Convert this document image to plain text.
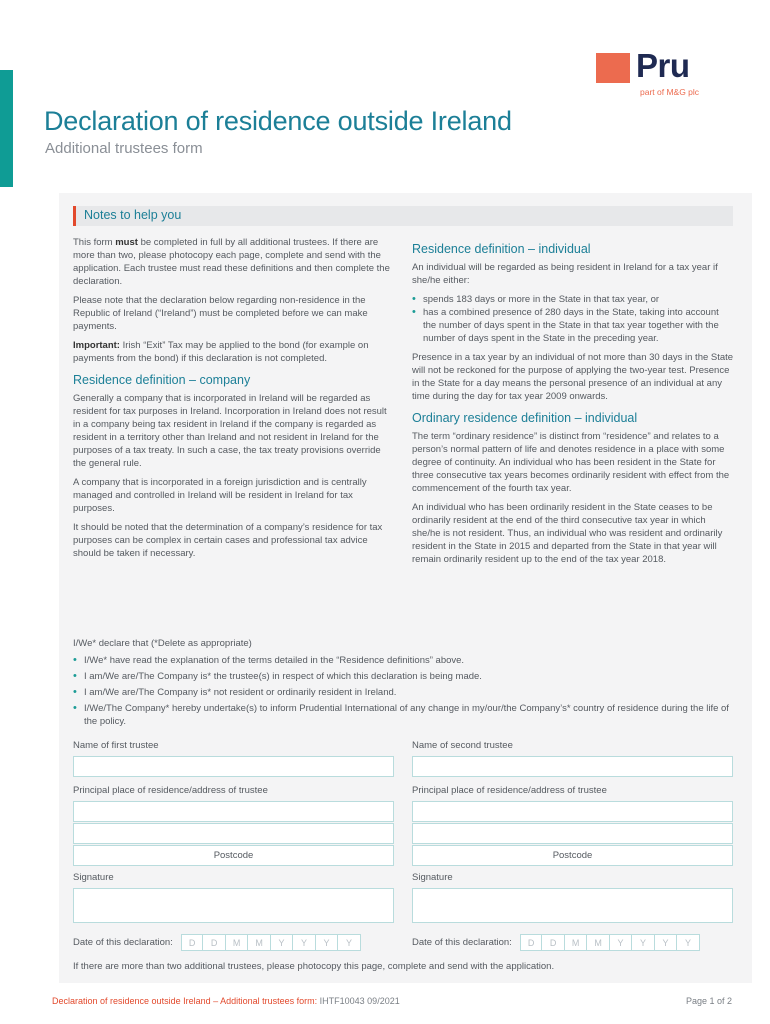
Pru
part of M&G plc
Declaration of residence outside Ireland
Additional trustees form
Notes to help you

This form must be completed in full by all additional trustees. If there are more than two, please photocopy each page, complete and send with the application. Each trustee must read these definitions and then complete the declaration.

Please note that the declaration below regarding non-residence in the Republic of Ireland (“Ireland”) must be completed before we can make payments.

Important: Irish “Exit” Tax may be applied to the bond (for example on payments from the bond) if this declaration is not completed.

Residence definition – company

Generally a company that is incorporated in Ireland will be regarded as resident for tax purposes in Ireland. Incorporation in Ireland does not result in a company being tax resident in Ireland if the company is regarded as resident in a territory other than Ireland and not resident in Ireland for the purposes of a tax treaty. In such a case, the tax treaty provisions override the general rule.

A company that is incorporated in a foreign jurisdiction and is centrally managed and controlled in Ireland will be resident in Ireland for tax purposes.

It should be noted that the determination of a company’s residence for tax purposes can be complex in certain cases and professional tax advice should be taken if necessary.

Residence definition – individual

An individual will be regarded as being resident in Ireland for a tax year if she/he either:

• spends 183 days or more in the State in that tax year, or
• has a combined presence of 280 days in the State, taking into account the number of days spent in the State in that tax year together with the number of days spent in the State in the preceding year.

Presence in a tax year by an individual of not more than 30 days in the State will not be reckoned for the purpose of applying the two-year test. Presence in the State for a day means the personal presence of an individual at any time during the day for tax year 2009 onwards.

Ordinary residence definition – individual

The term “ordinary residence” is distinct from “residence” and relates to a person’s normal pattern of life and denotes residence in a place with some degree of continuity. An individual who has been resident in the State for three consecutive tax years becomes ordinarily resident with effect from the commencement of the fourth tax year.

An individual who has been ordinarily resident in the State ceases to be ordinarily resident at the end of the third consecutive tax year in which she/he is not resident. Thus, an individual who was resident and ordinarily resident in the State in 2015 and departed from the State in that year will remain ordinarily resident up to the end of the tax year 2018.

I/We* declare that (*Delete as appropriate)
• I/We* have read the explanation of the terms detailed in the “Residence definitions” above.
• I am/We are/The Company is* the trustee(s) in respect of which this declaration is being made.
• I am/We are/The Company is* not resident or ordinarily resident in Ireland.
• I/We/The Company* hereby undertake(s) to inform Prudential International of any change in my/our/the Company’s* country of residence during the life of the policy.
Name of first trustee
Principal place of residence/address of trustee
Postcode
Signature
Date of this declaration:	D	D	M	M	Y	Y	Y	Y
Name of second trustee
Principal place of residence/address of trustee
Postcode
Signature
Date of this declaration:	D	D	M	M	Y	Y	Y	Y
If there are more than two additional trustees, please photocopy this page, complete and send with the application.
Declaration of residence outside Ireland – Additional trustees form: IHTF10043 09/2021	Page 1 of 2
